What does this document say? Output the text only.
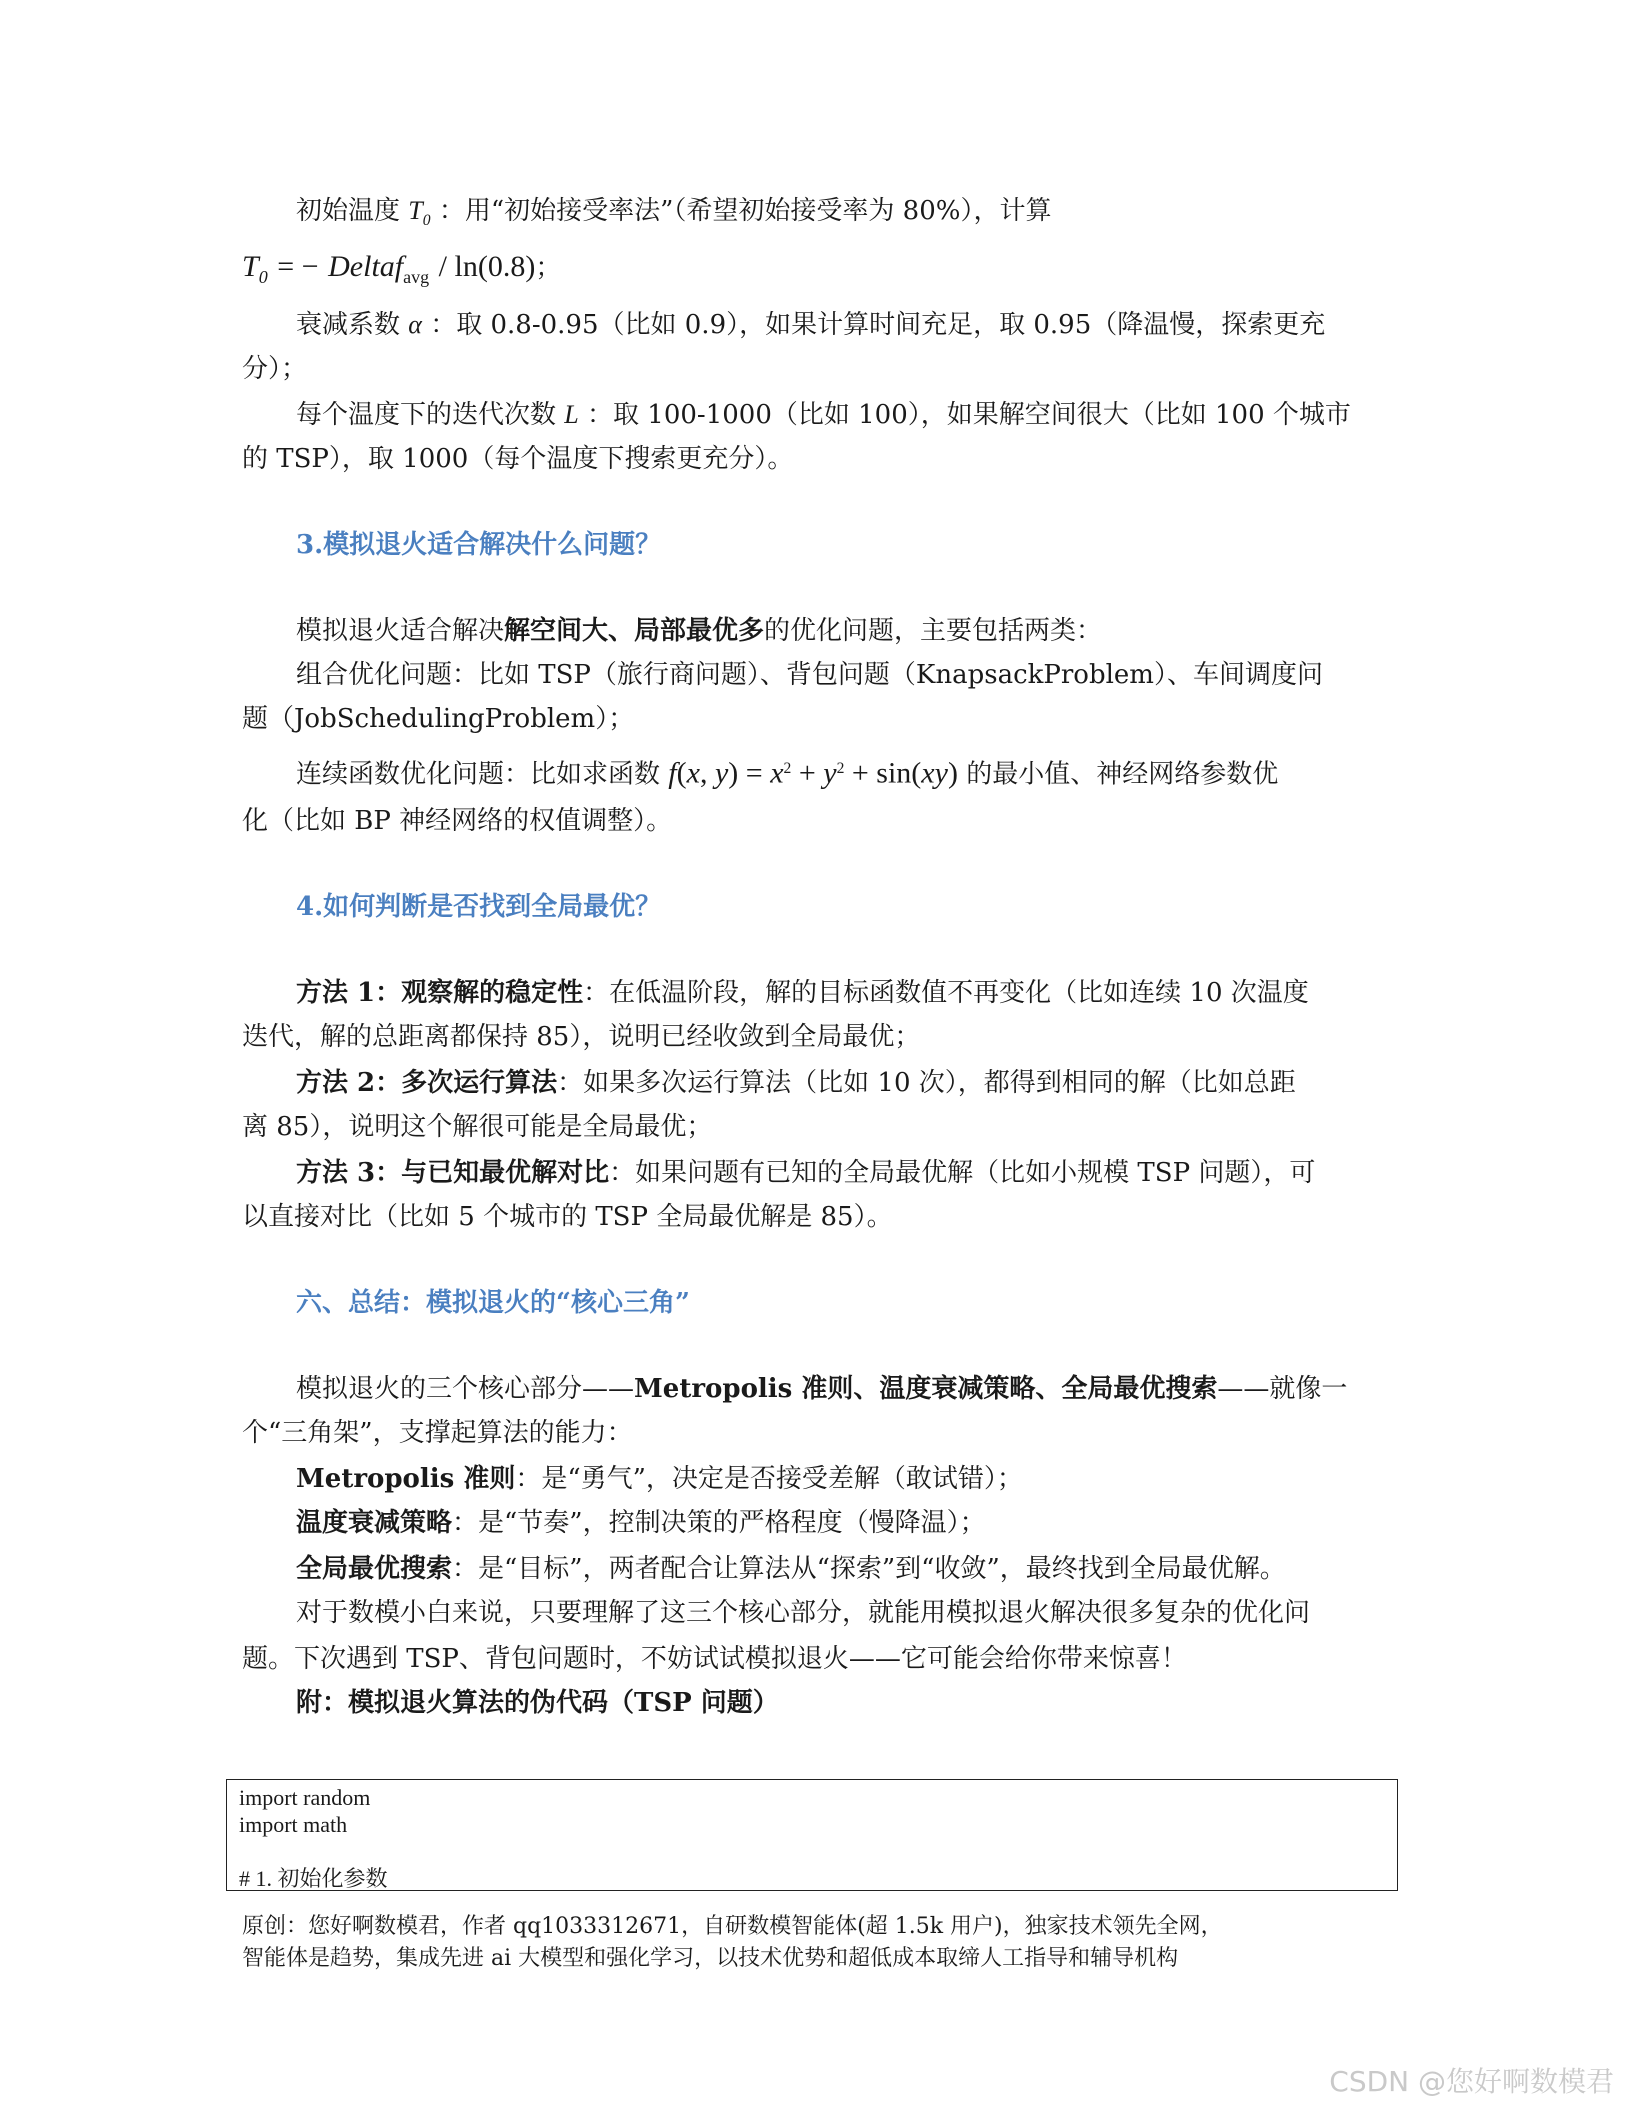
初始温度 $T_0$ ：用“初始接受率法”（希望初始接受率为 80%），计算
$T_0$ = − Deltaf$_{avg}$ / ln(0.8)；
衰减系数 α ：取 0.8-0.95（比如 0.9），如果计算时间充足，取 0.95（降温慢，探索更充
分）；
每个温度下的迭代次数 L ：取 100-1000（比如 100），如果解空间很大（比如 100 个城市
的 TSP），取 1000（每个温度下搜索更充分）。
3.模拟退火适合解决什么问题？
模拟退火适合解决解空间大、局部最优多的优化问题，主要包括两类：
组合优化问题：比如 TSP（旅行商问题）、背包问题（KnapsackProblem）、车间调度问
题（JobSchedulingProblem）；
连续函数优化问题：比如求函数 f(x, $y) = x^2 + y^2 + \sin(xy)$ 的最小值、神经网络参数优
化（比如 BP 神经网络的权值调整）。
4.如何判断是否找到全局最优？
方法 1：观察解的稳定性：在低温阶段，解的目标函数值不再变化（比如连续 10 次温度
迭代，解的总距离都保持 85），说明已经收敛到全局最优；
方法 2：多次运行算法：如果多次运行算法（比如 10 次），都得到相同的解（比如总距
离 85），说明这个解很可能是全局最优；
方法 3：与已知最优解对比：如果问题有已知的全局最优解（比如小规模 TSP 问题），可
以直接对比（比如 5 个城市的 TSP 全局最优解是 85）。
六、总结：模拟退火的“核心三角”
模拟退火的三个核心部分——Metropolis 准则、温度衰减策略、全局最优搜索——就像一
个“三角架”，支撑起算法的能力：
Metropolis 准则：是“勇气”，决定是否接受差解（敢试错）；
温度衰减策略：是“节奏”，控制决策的严格程度（慢降温）；
全局最优搜索：是“目标”，两者配合让算法从“探索”到“收敛”，最终找到全局最优解。
对于数模小白来说，只要理解了这三个核心部分，就能用模拟退火解决很多复杂的优化问
题。下次遇到 TSP、背包问题时，不妨试试模拟退火——它可能会给你带来惊喜！
附：模拟退火算法的伪代码（TSP 问题）
import random
import math
# 1. 初始化参数
原创：您好啊数模君，作者 qq1033312671，自研数模智能体(超 1.5k 用户)，独家技术领先全网，
智能体是趋势，集成先进 ai 大模型和强化学习，以技术优势和超低成本取缔人工指导和辅导机构
CSDN @您好啊数模君
